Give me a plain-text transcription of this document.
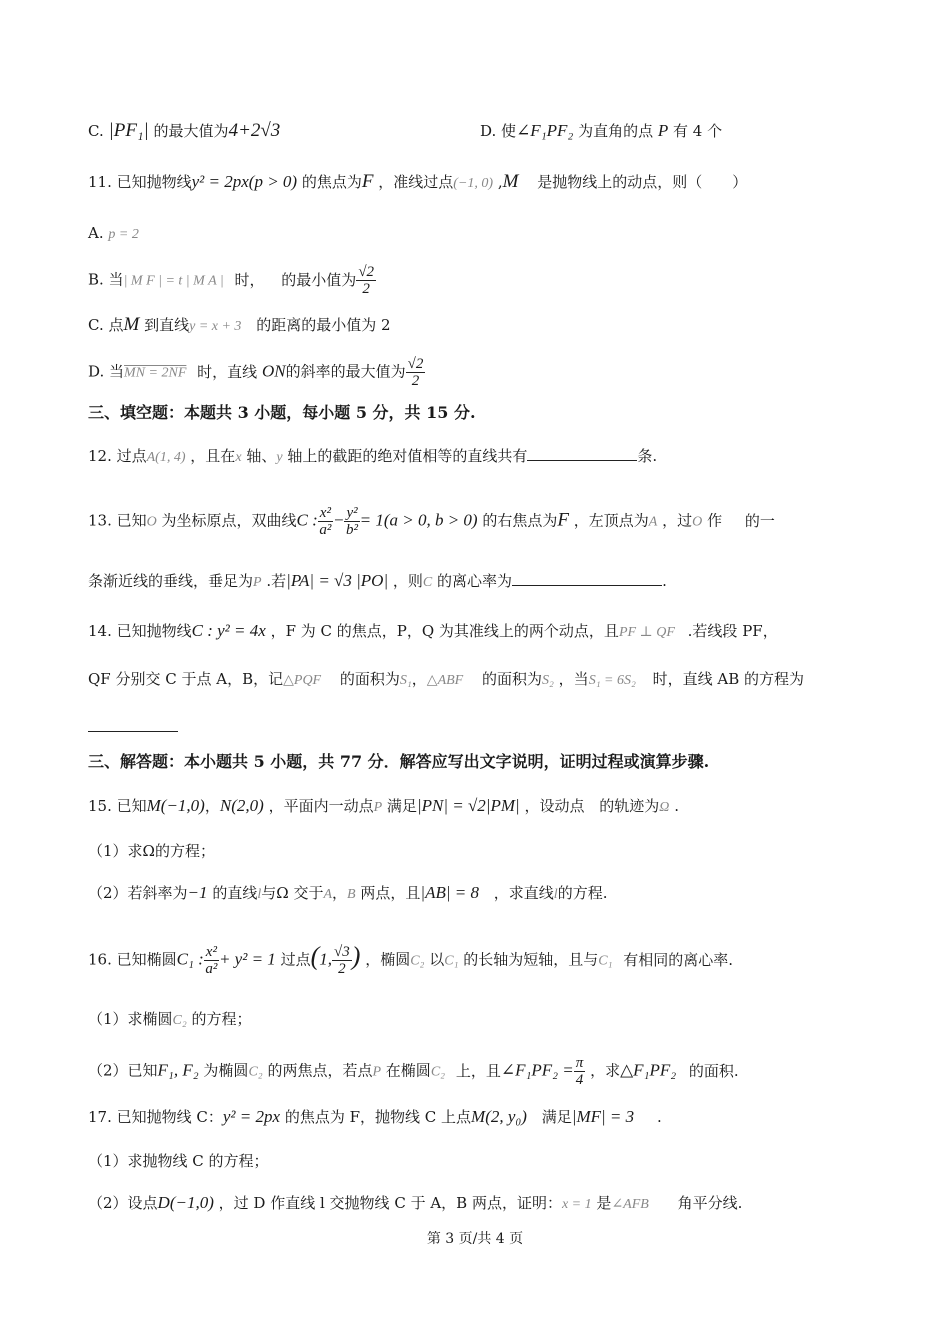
C. |PF₁| 的最大值为4+2√3	D. 使∠F₁PF₂ 为直角的点 P 有 4 个
11. 已知抛物线y² = 2px(p > 0) 的焦点为F ，准线过点(−1, 0) ,M 是抛物线上的动点，则（　　）
A. p = 2
B. 当| M F | = t | M A | 时， 的最小值为 $\frac{√2}{2}$
C. 点M 到直线y = x + 3 的距离的最小值为 2
D. 当MN = 2NF 时，直线 ON的斜率的最大值为 $\frac{√2}{2}$
三、填空题：本题共 3 小题，每小题 5 分，共 15 分.
12. 过点A(1, 4) ，且在x 轴、y 轴上的截距的绝对值相等的直线共有	条.
13. 已知O 为坐标原点，双曲线C : $\frac{\text{x²}}{\text{a²}} - \frac{\text{y²}}{\text{b²}} = 1(a > 0$, b > 0) 的右焦点为F ，左顶点为A ，过O 作 的一
条渐近线的垂线，垂足为P .若|PA| = √3 |PO| ，则C 的离心率为	.
14. 已知抛物线C : y² = 4x ，F 为 C 的焦点，P，Q 为其准线上的两个动点，且PF ⊥ QF .若线段 PF，
QF 分别交 C 于点 A，B，记△PQF 的面积为S₁，△ABF 的面积为S₂ ，当S₁ = 6S₂ 时，直线 AB 的方程为
三、解答题：本小题共 5 小题，共 77 分．解答应写出文字说明，证明过程或演算步骤.
15. 已知M(−1,0)，N(2,0) ，平面内一动点P 满足|PN| = √2|PM| ，设动点 的轨迹为Ω .
（1）求Ω的方程；
（2）若斜率为−1 的直线l与Ω 交于A，B 两点，且|AB| = 8 ，求直线l的方程.
16. 已知椭圆C₁ : $\frac{\text{x²}}{\text{a²}} + y^2 = 1$ 过点(1, $\frac{√3}{2}$ ) ，椭圆C₂ 以C₁ 的长轴为短轴，且与C₁ 有相同的离心率.
（1）求椭圆C₂ 的方程；
（2）已知F₁, F₂ 为椭圆C₂ 的两焦点，若点P 在椭圆C₂ 上，且∠F₁PF₂ = $\frac{\pi}{4}$ ，求△F₁PF₂ 的面积.
17. 已知抛物线 C：y² = 2px 的焦点为 F，抛物线 C 上点M(2, y₀) 满足|MF| = 3 .
（1）求抛物线 C 的方程；
（2）设点D(−1,0) ，过 D 作直线 l 交抛物线 C 于 A，B 两点，证明：x = 1 是∠AFB 角平分线.
第 3 页/共 4 页
